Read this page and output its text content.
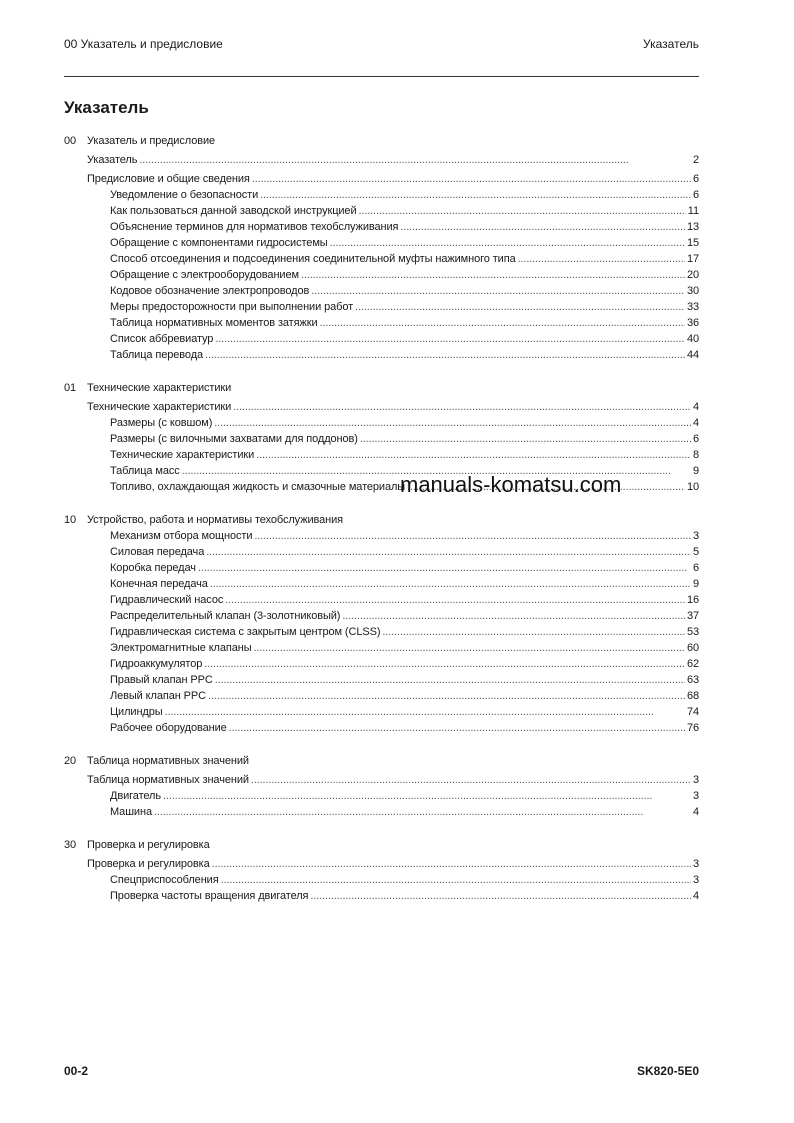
00 Указатель и предисловие	Указатель
Указатель
00 Указатель и предисловие
Указатель . . .	2
Предисловие и общие сведения . . .	6
Уведомление о безопасности . . .	6
Как пользоваться данной заводской инструкцией . . .	11
Объяснение терминов для нормативов техобслуживания . . .	13
Обращение с компонентами гидросистемы . . .	15
Способ отсоединения и подсоединения соединительной муфты нажимного типа . . .	17
Обращение с электрооборудованием . . .	20
Кодовое обозначение электропроводов . . .	30
Меры предосторожности при выполнении работ . . .	33
Таблица нормативных моментов затяжки . . .	36
Список аббревиатур . . .	40
Таблица перевода . . .	44
01 Технические характеристики
Технические характеристики . . .	4
Размеры (с ковшом) . . .	4
Размеры (с вилочными захватами для поддонов) . . .	6
Технические характеристики . . .	8
Таблица масс . . .	9
Топливо, охлаждающая жидкость и смазочные материалы . . .	10
10 Устройство, работа и нормативы техобслуживания
Механизм отбора мощности . . .	3
Силовая передача . . .	5
Коробка передач . . .	6
Конечная передача . . .	9
Гидравлический насос . . .	16
Распределительный клапан (3-золотниковый) . . .	37
Гидравлическая система с закрытым центром (CLSS) . . .	53
Электромагнитные клапаны . . .	60
Гидроаккумулятор . . .	62
Правый клапан PPC . . .	63
Левый клапан PPC . . .	68
Цилиндры . . .	74
Рабочее оборудование . . .	76
20 Таблица нормативных значений
Таблица нормативных значений . . .	3
Двигатель . . .	3
Машина . . .	4
30 Проверка и регулировка
Проверка и регулировка . . .	3
Спецприспособления . . .	3
Проверка частоты вращения двигателя . . .	4
manuals-komatsu.com
00-2	SK820-5E0
